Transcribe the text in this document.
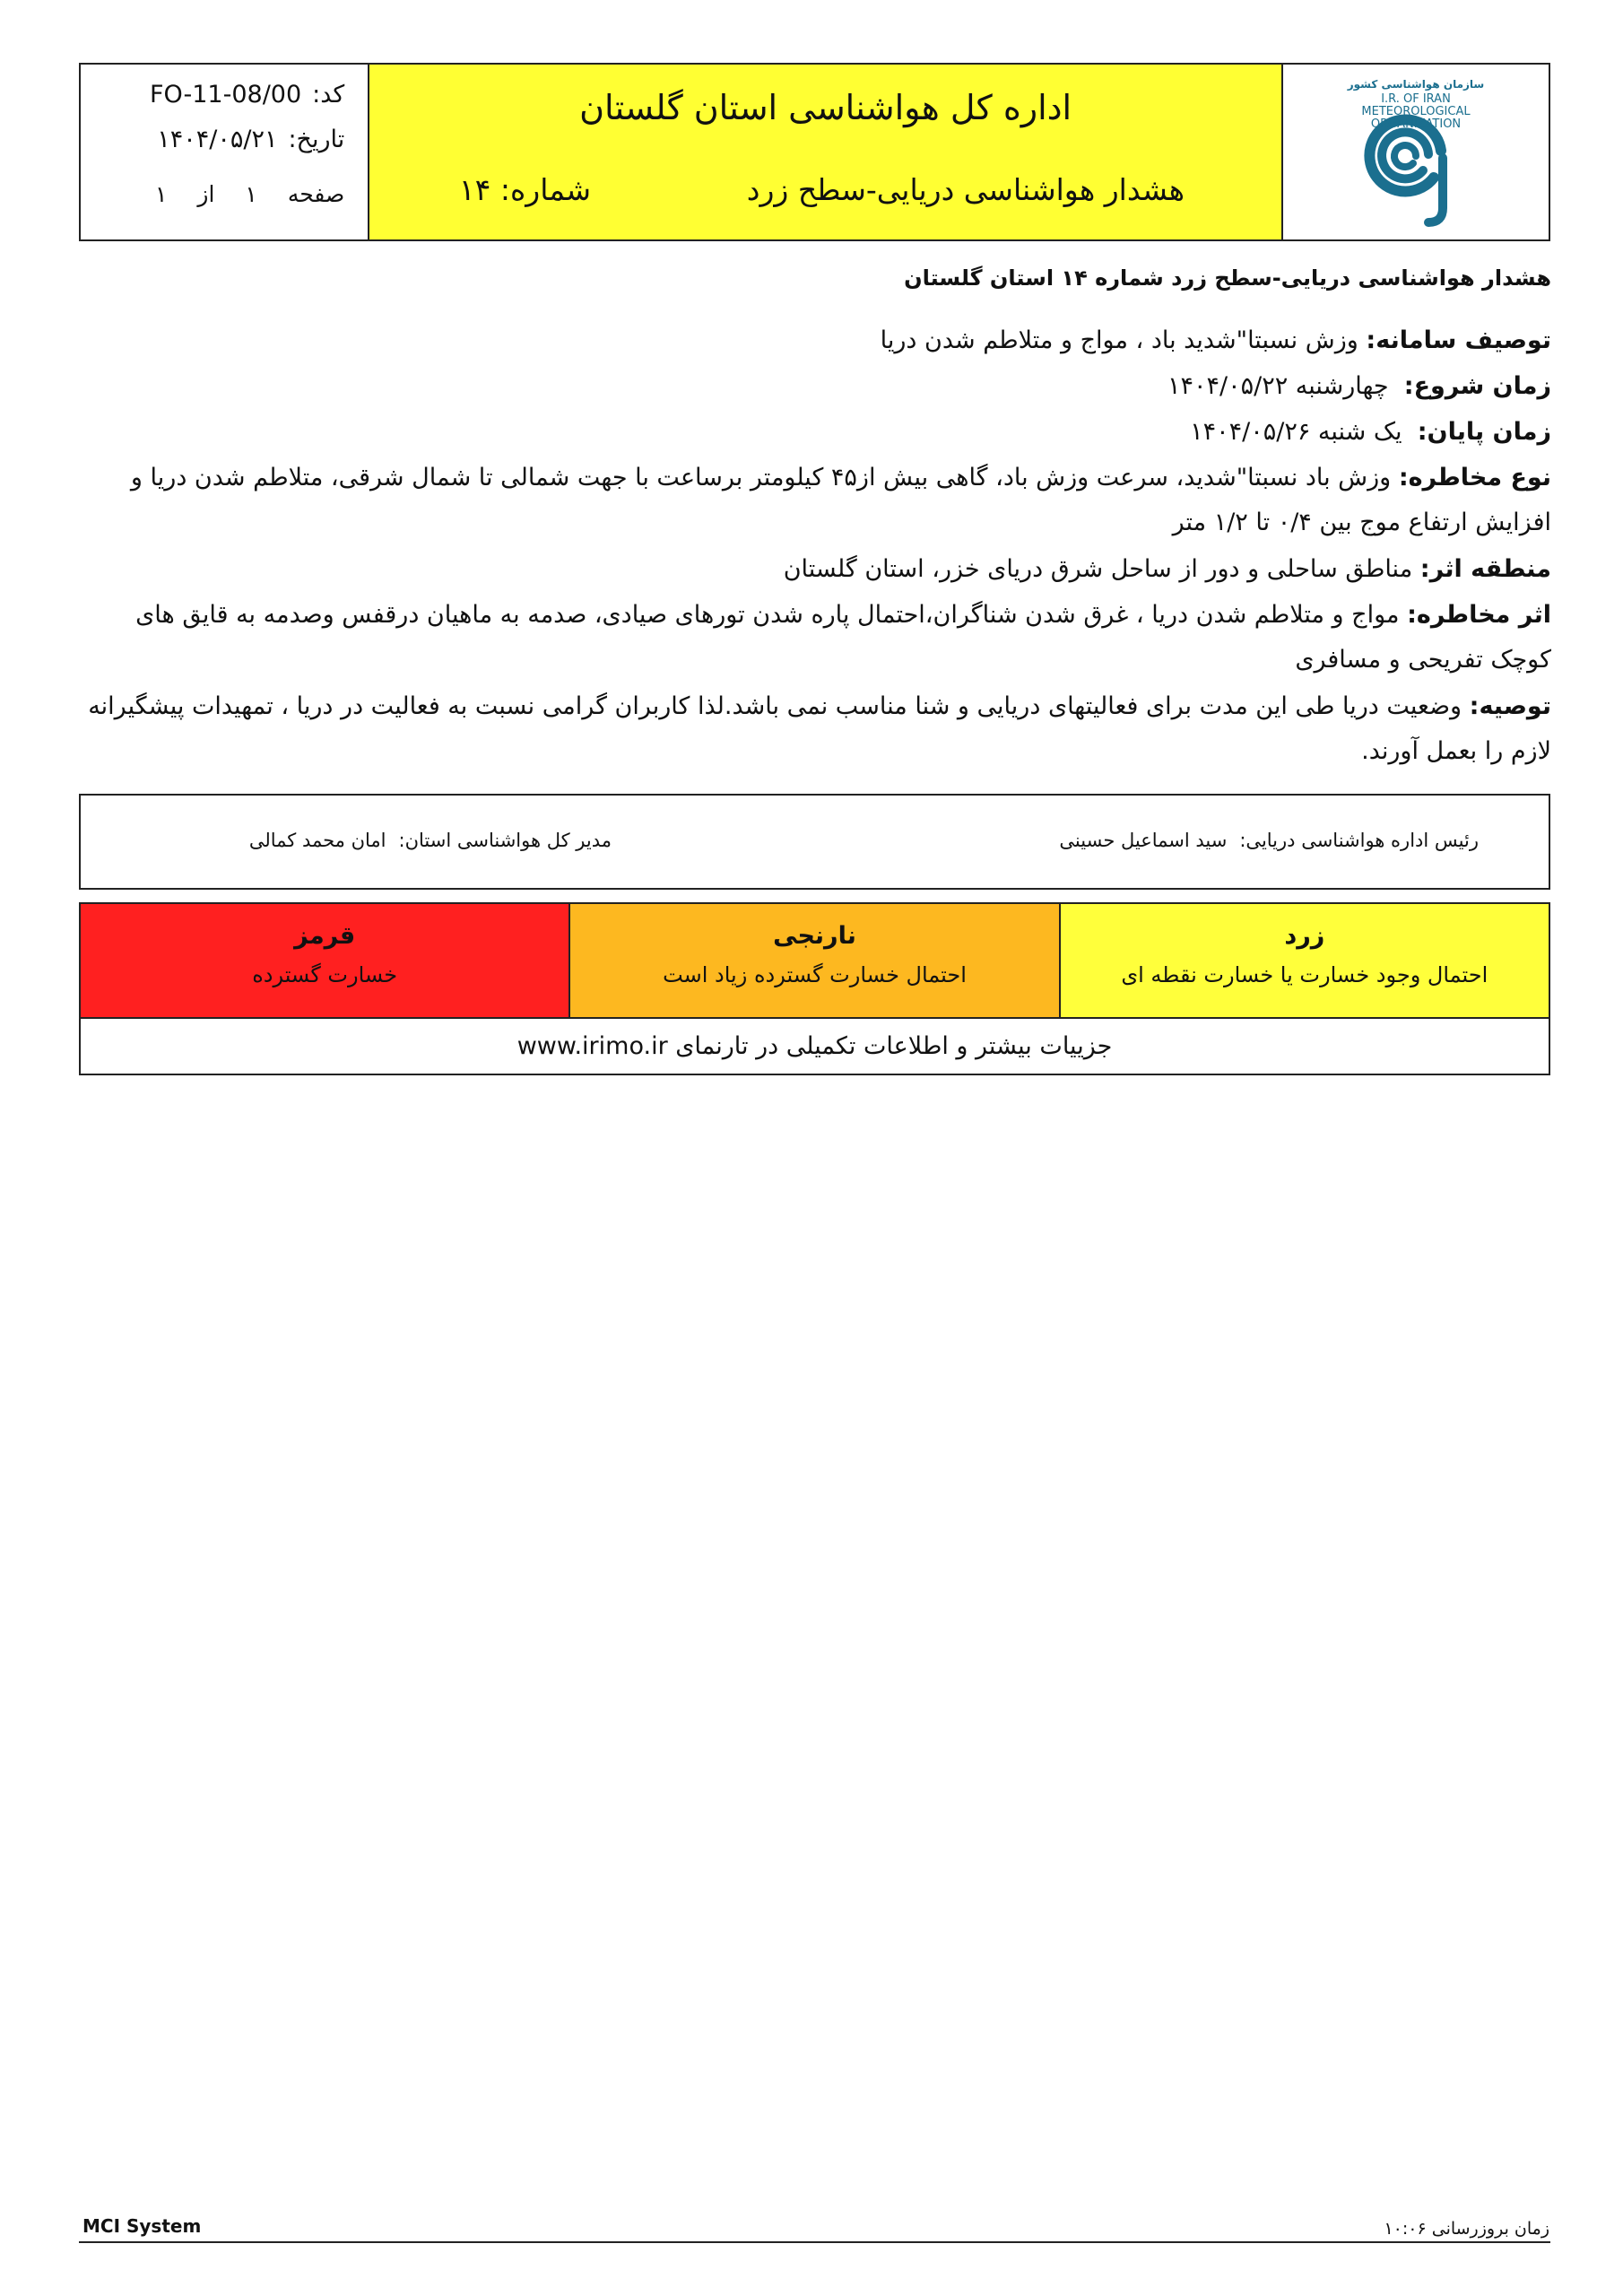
کد:FO-11-08/00
تاریخ:۱۴۰۴/۰۵/۲۱
صفحه۱از۱
اداره کل هواشناسی استان گلستان
هشدار هواشناسی دریایی-سطح زرد
شماره: ۱۴
سازمان هواشناسی کشور
I.R. OF IRAN
METEOROLOGICAL
ORGANIZATION
هشدار هواشناسی دریایی-سطح زرد شماره ۱۴ استان گلستان
توصیف سامانه: وزش نسبتا"شدید باد ، مواج و متلاطم شدن دریا
زمان شروع:  چهارشنبه ۱۴۰۴/۰۵/۲۲
زمان پایان:  یک شنبه ۱۴۰۴/۰۵/۲۶
نوع مخاطره: وزش باد نسبتا"شدید، سرعت وزش باد، گاهی بیش از۴۵ کیلومتر برساعت با جهت شمالی تا شمال شرقی، متلاطم شدن دریا و افزایش ارتفاع موج بین ۰/۴ تا ۱/۲ متر
منطقه اثر: مناطق ساحلی و دور از ساحل شرق دریای خزر، استان گلستان
اثر مخاطره: مواج و متلاطم شدن دریا ، غرق شدن شناگران،احتمال پاره شدن تورهای صیادی، صدمه به ماهیان درقفس وصدمه به قایق های کوچک تفریحی و مسافری
توصیه: وضعیت دریا طی این مدت برای فعالیتهای دریایی و شنا مناسب نمی باشد.لذا کاربران گرامی نسبت به فعالیت در دریا ، تمهیدات پیشگیرانه لازم را بعمل آورند.
رئیس اداره هواشناسی دریایی:سید اسماعیل حسینی
مدیر کل هواشناسی استان:امان محمد کمالی
قرمز
خسارت گسترده
نارنجی
احتمال خسارت گسترده زیاد است
زرد
احتمال وجود خسارت یا خسارت نقطه ای
جزییات بیشتر و اطلاعات تکمیلی در تارنمای www.irimo.ir
MCI System	زمان بروزرسانی ۱۰:۰۶
